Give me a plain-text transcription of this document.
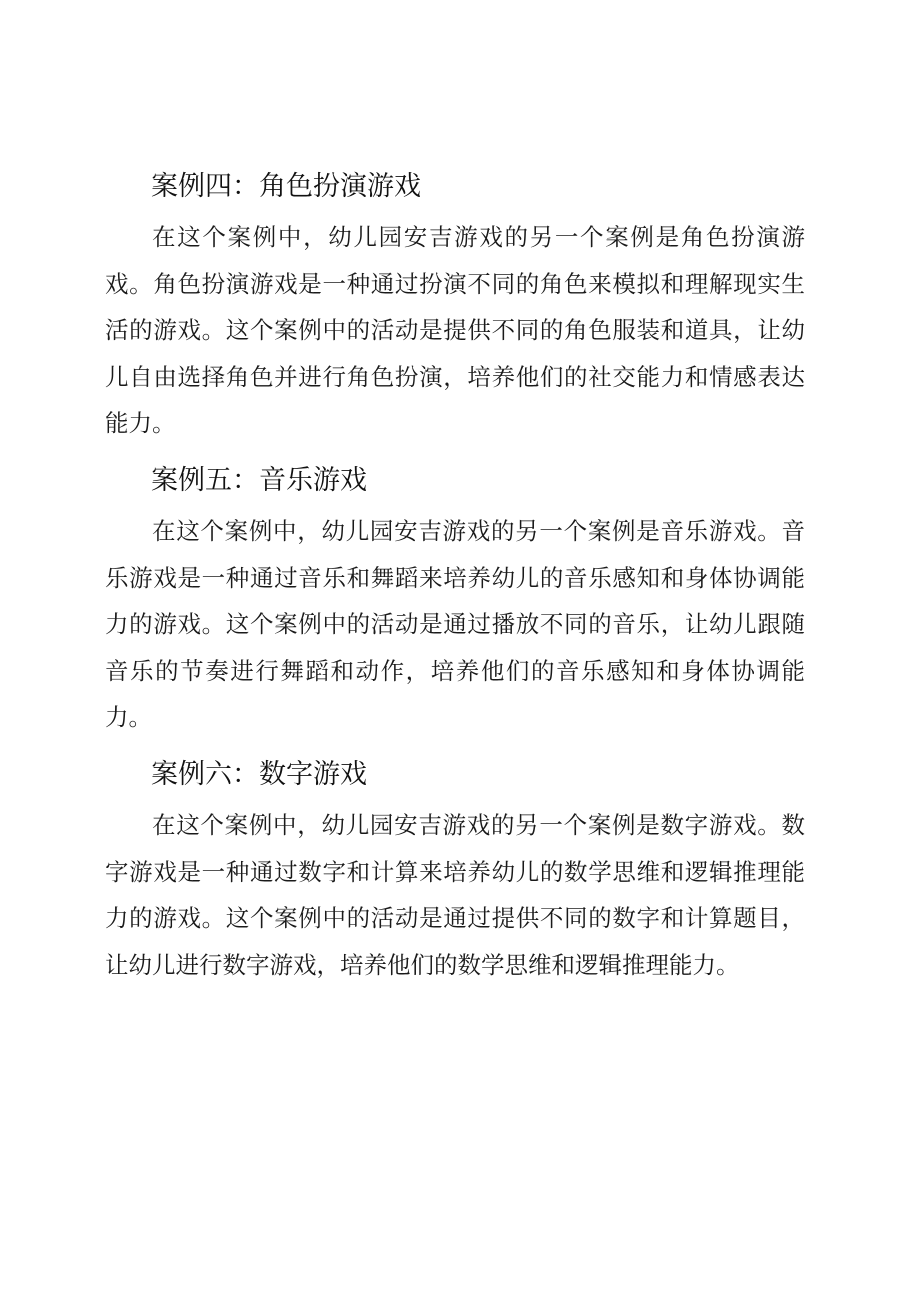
案例四：角色扮演游戏

在这个案例中，幼儿园安吉游戏的另一个案例是角色扮演游戏。角色扮演游戏是一种通过扮演不同的角色来模拟和理解现实生活的游戏。这个案例中的活动是提供不同的角色服装和道具，让幼儿自由选择角色并进行角色扮演，培养他们的社交能力和情感表达能力。

案例五：音乐游戏

在这个案例中，幼儿园安吉游戏的另一个案例是音乐游戏。音乐游戏是一种通过音乐和舞蹈来培养幼儿的音乐感知和身体协调能力的游戏。这个案例中的活动是通过播放不同的音乐，让幼儿跟随音乐的节奏进行舞蹈和动作，培养他们的音乐感知和身体协调能力。

案例六：数字游戏

在这个案例中，幼儿园安吉游戏的另一个案例是数字游戏。数字游戏是一种通过数字和计算来培养幼儿的数学思维和逻辑推理能力的游戏。这个案例中的活动是通过提供不同的数字和计算题目，让幼儿进行数字游戏，培养他们的数学思维和逻辑推理能力。
